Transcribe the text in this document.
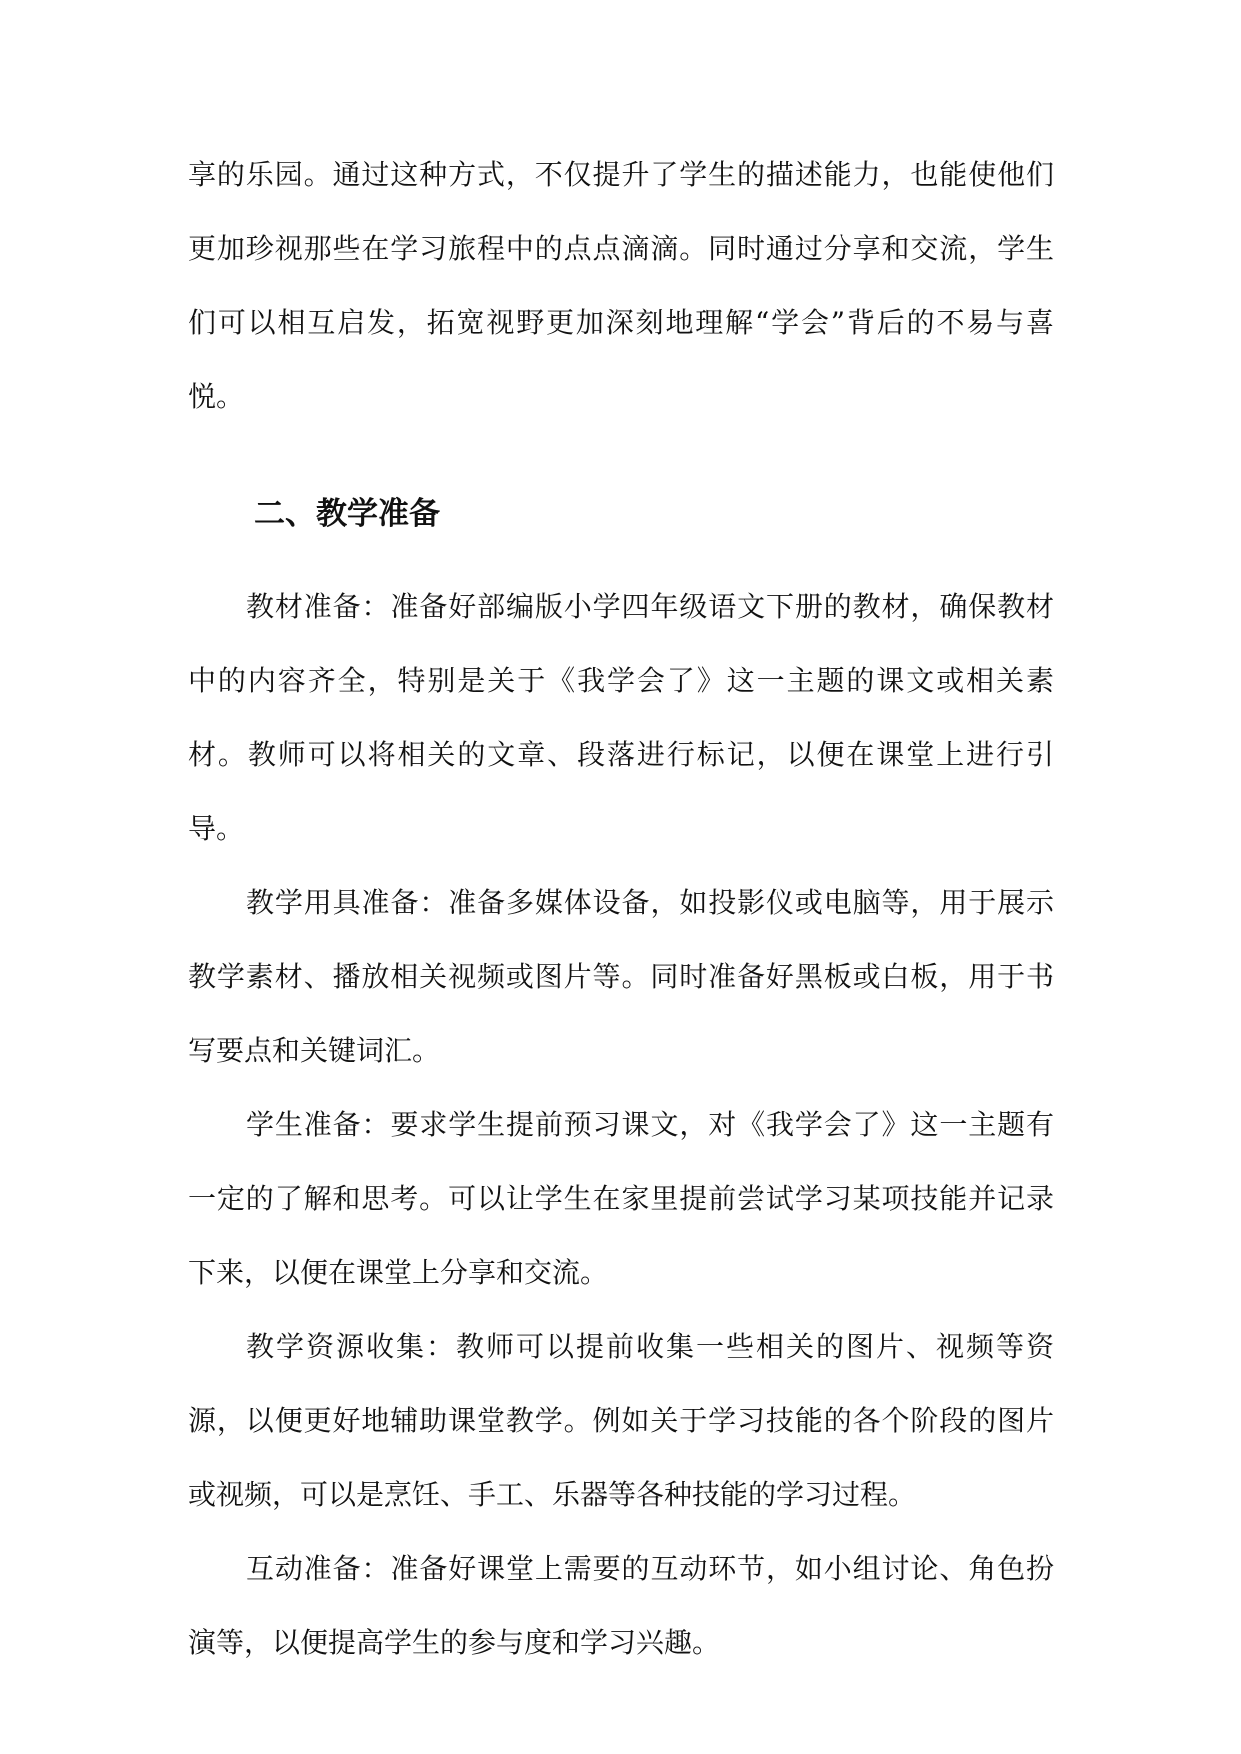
享的乐园。通过这种方式，不仅提升了学生的描述能力，也能使他们更加珍视那些在学习旅程中的点点滴滴。同时通过分享和交流，学生们可以相互启发，拓宽视野更加深刻地理解“学会”背后的不易与喜悦。

二、教学准备

教材准备：准备好部编版小学四年级语文下册的教材，确保教材中的内容齐全，特别是关于《我学会了》这一主题的课文或相关素材。教师可以将相关的文章、段落进行标记，以便在课堂上进行引导。

教学用具准备：准备多媒体设备，如投影仪或电脑等，用于展示教学素材、播放相关视频或图片等。同时准备好黑板或白板，用于书写要点和关键词汇。

学生准备：要求学生提前预习课文，对《我学会了》这一主题有一定的了解和思考。可以让学生在家里提前尝试学习某项技能并记录下来，以便在课堂上分享和交流。

教学资源收集：教师可以提前收集一些相关的图片、视频等资源，以便更好地辅助课堂教学。例如关于学习技能的各个阶段的图片或视频，可以是烹饪、手工、乐器等各种技能的学习过程。

互动准备：准备好课堂上需要的互动环节，如小组讨论、角色扮演等，以便提高学生的参与度和学习兴趣。
